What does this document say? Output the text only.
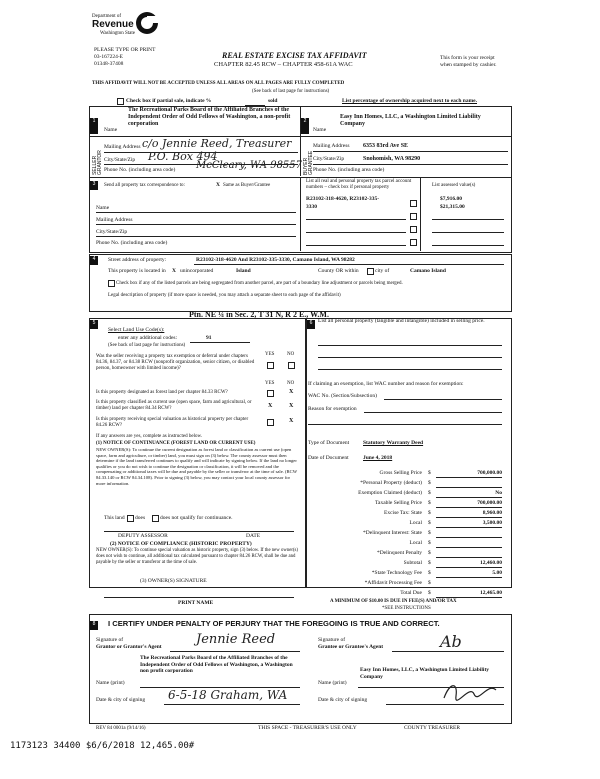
Department of
Revenue
Washington State
PLEASE TYPE OR PRINT
03-167224-E
01348-37408
REAL ESTATE EXCISE TAX AFFIDAVIT
CHAPTER 82.45 RCW – CHAPTER 458-61A WAC
This form is your receipt
when stamped by cashier.
THIS AFFIDAVIT WILL NOT BE ACCEPTED UNLESS ALL AREAS ON ALL PAGES ARE FULLY COMPLETED
(See back of last page for instructions)
Check box if partial sale, indicate %	sold	List percentage of ownership acquired next to each name.
1
SELLER GRANTOR
Name
The Recreational Parks Board of the Affiliated Branches of the Independent Order of Odd Fellows of Washington, a non-profit corporation
Mailing Address c/o Jennie Reed, Treasurer
City/State/Zip P.O. Box 494
Phone No. (including area code) McCleary, WA 98557
2
BUYER GRANTEE
Name
Easy Inn Homes, LLC, a Washington Limited Liability Company
Mailing Address 6353 83rd Ave SE
City/State/Zip	Snohomish, WA 98290
Phone No. (including area code)
3	Send all property tax correspondence to:	X Same as Buyer/Grantee
List all real and personal property tax parcel account numbers – check box if personal property	List assessed value(s)
R23102-318-4620, R23102-335-
3330
$7,916.00
$21,315.00
Name
Mailing Address
City/State/Zip
Phone No. (including area code)
4	Street address of property:	R23102-318-4620 And R23102-335-3330, Camano Island, WA 98282
This property is located in X unincorporated	Island	County OR within	city of	Camano Island
Check box if any of the listed parcels are being segregated from another parcel, are part of a boundary line adjustment or parcels being merged.
Legal description of property (if more space is needed, you may attach a separate sheet to each page of the affidavit)
Ptn. NE ¼ in Sec. 2, T 31 N, R 2 E., W.M.
5
Select Land Use Code(s):
enter any additional codes:	91
(See back of last page for instructions)
YES	NO
Was the seller receiving a property tax exemption or deferral under chapters 84.36, 84.37, or 84.38 RCW (nonprofit organization, senior citizen, or disabled person, homeowner with limited income)?
YES	NO
Is this property designated as forest land per chapter 84.33 RCW?	X
Is this property classified as current use (open space, farm and agricultural, or timber) land per chapter 84.34 RCW?	X	X
Is this property receiving special valuation as historical property per chapter 84.26 RCW?
X
If any answers are yes, complete as instructed below.
(1) NOTICE OF CONTINUANCE (FOREST LAND OR CURRENT USE)
NEW OWNER(S): To continue the current designation as forest land or classification as current use (open space, farm and agriculture, or timber) land, you must sign on (3) below. The county assessor must then determine if the land transferred continues to qualify and will indicate by signing below. If the land no longer qualifies or you do not wish to continue the designation or classification, it will be removed and the compensating or additional taxes will be due and payable by the seller or transferor at the time of sale. (RCW 84.33.140 or RCW 84.34.108). Prior to signing (3) below, you may contact your local county assessor for more information.
This land does	does not qualify for continuance.
DEPUTY ASSESSOR	DATE
(2) NOTICE OF COMPLIANCE (HISTORIC PROPERTY)
NEW OWNER(S): To continue special valuation as historic property, sign (3) below. If the new owner(s) does not wish to continue, all additional tax calculated pursuant to chapter 84.26 RCW, shall be due and payable by the seller or transferor at the time of sale.
(3) OWNER(S) SIGNATURE
PRINT NAME
6	List all personal property (tangible and intangible) included in selling price.
If claiming an exemption, list WAC number and reason for exemption:
WAC No. (Section/Subsection)
Reason for exemption
Type of Document	Statutory Warranty Deed
Date of Document	June 4, 2018
Gross Selling Price $	700,000.00
*Personal Property (deduct) $
Exemption Claimed (deduct) $	No
Taxable Selling Price $	700,000.00
Excise Tax: State $	8,960.00
Local $	3,500.00
*Delinquent Interest: State $
Local $
*Delinquent Penalty $
Subtotal $	12,460.00
*State Technology Fee $	5.00
*Affidavit Processing Fee $
Total Due $	12,465.00
A MINIMUM OF $10.00 IS DUE IN FEE(S) AND/OR TAX
*SEE INSTRUCTIONS
8	I CERTIFY UNDER PENALTY OF PERJURY THAT THE FOREGOING IS TRUE AND CORRECT.
Signature of
Grantor or Grantor's Agent	Jennie Reed
The Recreational Parks Board of the Affiliated Branches of the Independent Order of Odd Fellows of Washington, a Washington non profit corporation
Name (print)
Date & city of signing 6-5-18 Graham, WA
Signature of
Grantee or Grantee's Agent	Ab
Easy Inn Homes, LLC, a Washington Limited Liability Company
Name (print)
Date & city of signing
REV 84 0001a (9/14/16)	THIS SPACE - TREASURER'S USE ONLY	COUNTY TREASURER
1173123 34400 $6/6/2018 12,465.00#
